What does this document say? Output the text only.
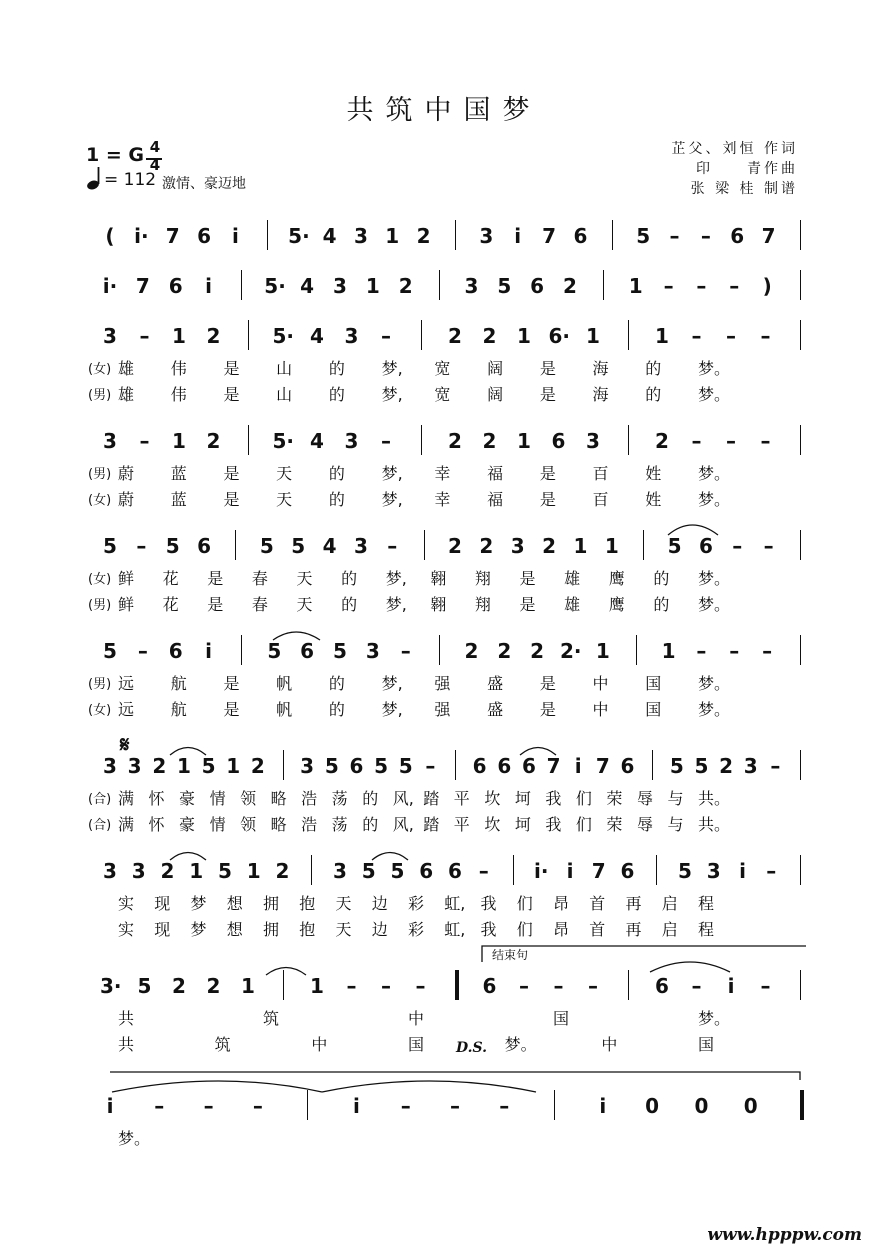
共筑中国梦
1 = G 4
4
= 112 激情、豪迈地
芷父、刘恒 作词
印　　青作曲
张 梁 桂 制谱
( i· 7 6	i	5· 4 3 1 2 3	i	7 6 5 – – 6 7
i· 7 6	i	5· 4 3 1 2	3 5 6 2	1 – – – )
3 – 1 2	5· 4 3 –	2 2 1 6· 1	1 – – –
(女) 雄 伟 是 山 的 梦, 宽 阔 是 海 的 梦。
(男) 雄 伟 是 山 的 梦, 宽 阔 是 海 的 梦。
3 – 1 2	5· 4 3 –	2 2 1 6 3	2 – – –
(男) 蔚 蓝 是 天 的 梦, 幸 福 是 百 姓 梦。
(女) 蔚 蓝 是 天 的 梦, 幸 福 是 百 姓 梦。
5 – 5 6 5 5 4 3 –	2 2 3 2 1 1 5 6 – –
(女) 鲜 花 是 春 天 的 梦, 翱 翔 是 雄 鹰 的 梦。
(男) 鲜 花 是 春 天 的 梦, 翱 翔 是 雄 鹰 的 梦。
5 – 6	i	5 6 5 3 –	2 2 2 2· 1	1 – – –
(男) 远 航 是 帆 的 梦, 强 盛 是 中 国 梦。
(女) 远 航 是 帆 的 梦, 强 盛 是 中 国 梦。
3 3 2 1 5 1 2 3 5 6 5 5 – 6 6 6 7 i 7 6 5 5 2 3 –
(合) 满 怀 豪 情 领 略 浩 荡 的 风, 踏 平 坎 坷 我 们 荣 辱 与 共。
(合) 满 怀 豪 情 领 略 浩 荡 的 风, 踏 平 坎 坷 我 们 荣 辱 与 共。
3 3 2 1 5 1 2 3 5 5 6 6 – i· i 7 6 5 3 i	–
实 现 梦 想 拥 抱 天 边 彩 虹, 我 们 昂 首 再 启 程
实 现 梦 想 拥 抱 天 边 彩 虹, 我 们 昂 首 再 启 程
3· 5 2 2 1	1 – – –	6 – – –	6 –	i	–
共	筑	中	国	梦。
共	筑	中	国	梦。	中	国
i	– – –	i	– – –	i	0 0 0
梦。
𝄋
结束句
D.S.
www.hpppw.com
